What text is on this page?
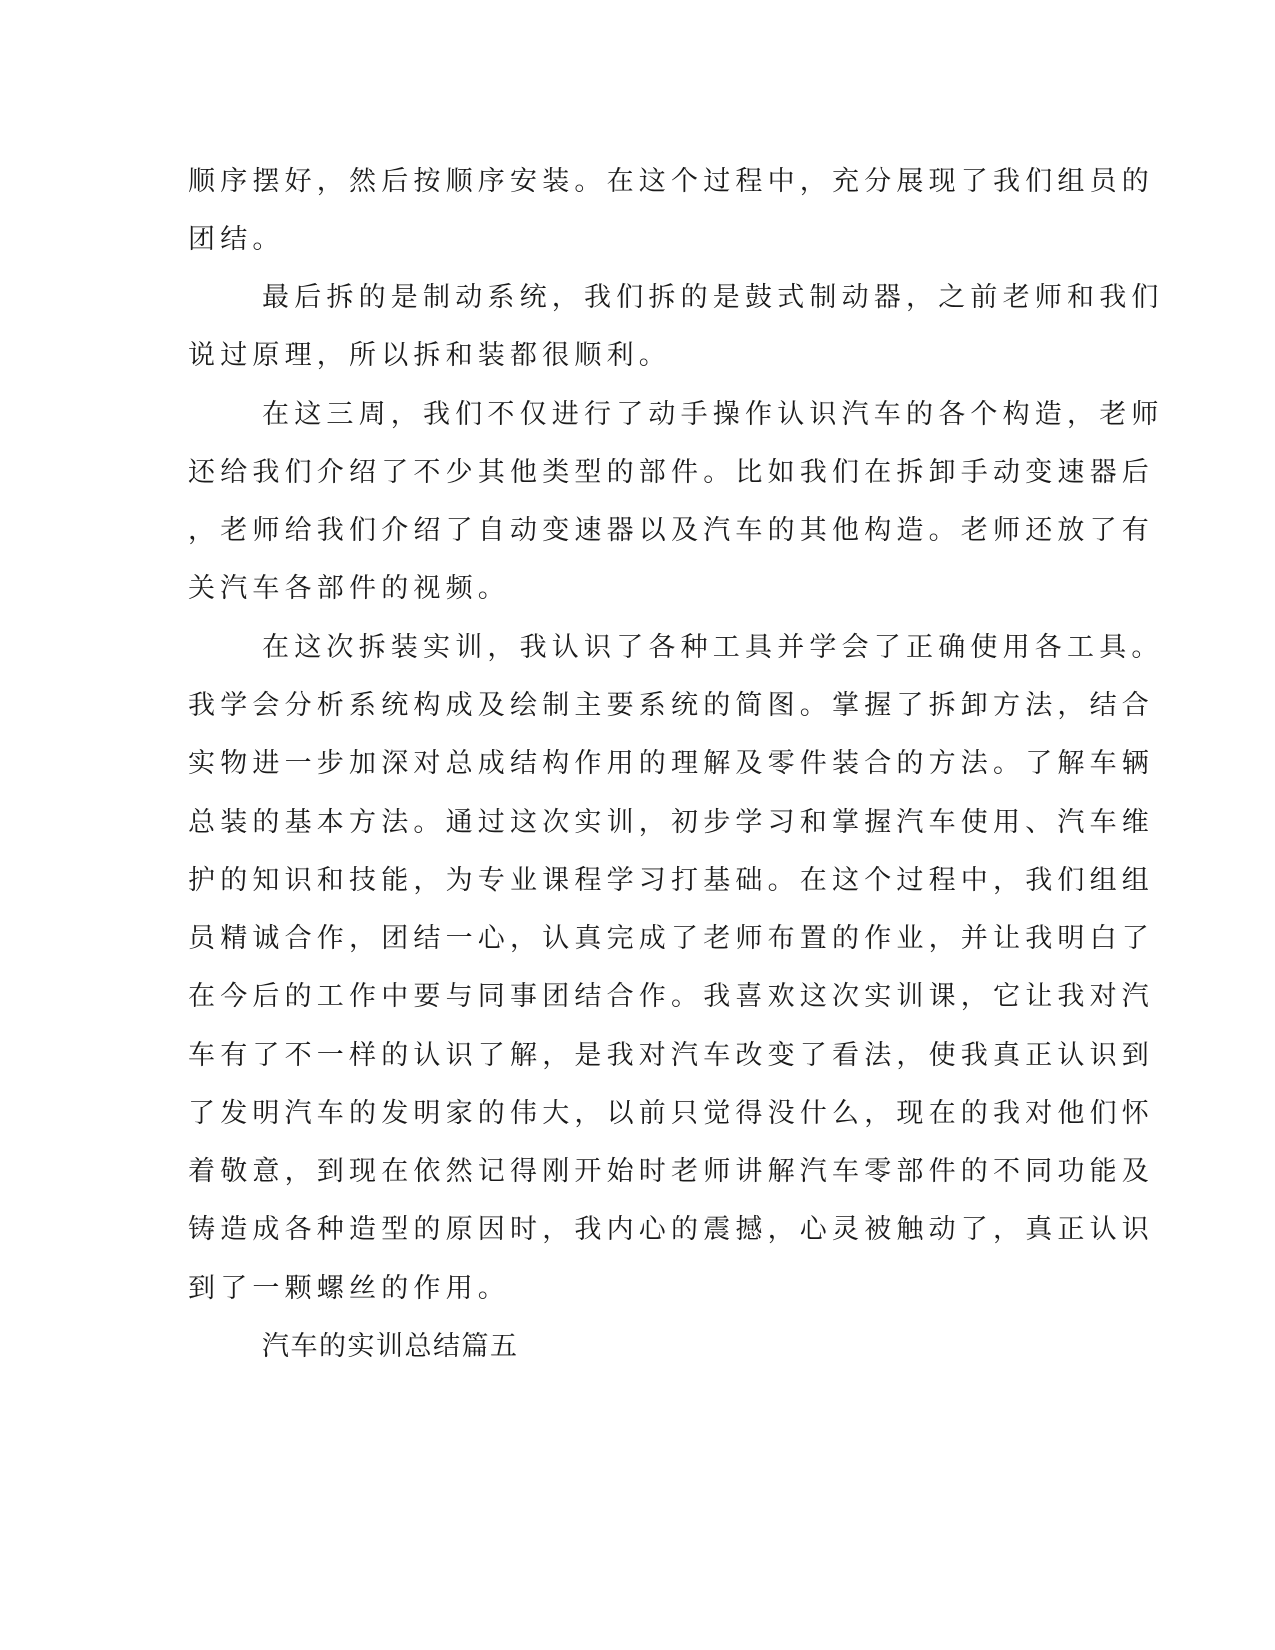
顺序摆好，然后按顺序安装。在这个过程中，充分展现了我们组员的

团结。

最后拆的是制动系统，我们拆的是鼓式制动器，之前老师和我们

说过原理，所以拆和装都很顺利。

在这三周，我们不仅进行了动手操作认识汽车的各个构造，老师

还给我们介绍了不少其他类型的部件。比如我们在拆卸手动变速器后

，老师给我们介绍了自动变速器以及汽车的其他构造。老师还放了有

关汽车各部件的视频。

在这次拆装实训，我认识了各种工具并学会了正确使用各工具。

我学会分析系统构成及绘制主要系统的简图。掌握了拆卸方法，结合

实物进一步加深对总成结构作用的理解及零件装合的方法。了解车辆

总装的基本方法。通过这次实训，初步学习和掌握汽车使用、汽车维

护的知识和技能，为专业课程学习打基础。在这个过程中，我们组组

员精诚合作，团结一心，认真完成了老师布置的作业，并让我明白了

在今后的工作中要与同事团结合作。我喜欢这次实训课，它让我对汽

车有了不一样的认识了解，是我对汽车改变了看法，使我真正认识到

了发明汽车的发明家的伟大，以前只觉得没什么，现在的我对他们怀

着敬意，到现在依然记得刚开始时老师讲解汽车零部件的不同功能及

铸造成各种造型的原因时，我内心的震撼，心灵被触动了，真正认识

到了一颗螺丝的作用。

汽车的实训总结篇五
